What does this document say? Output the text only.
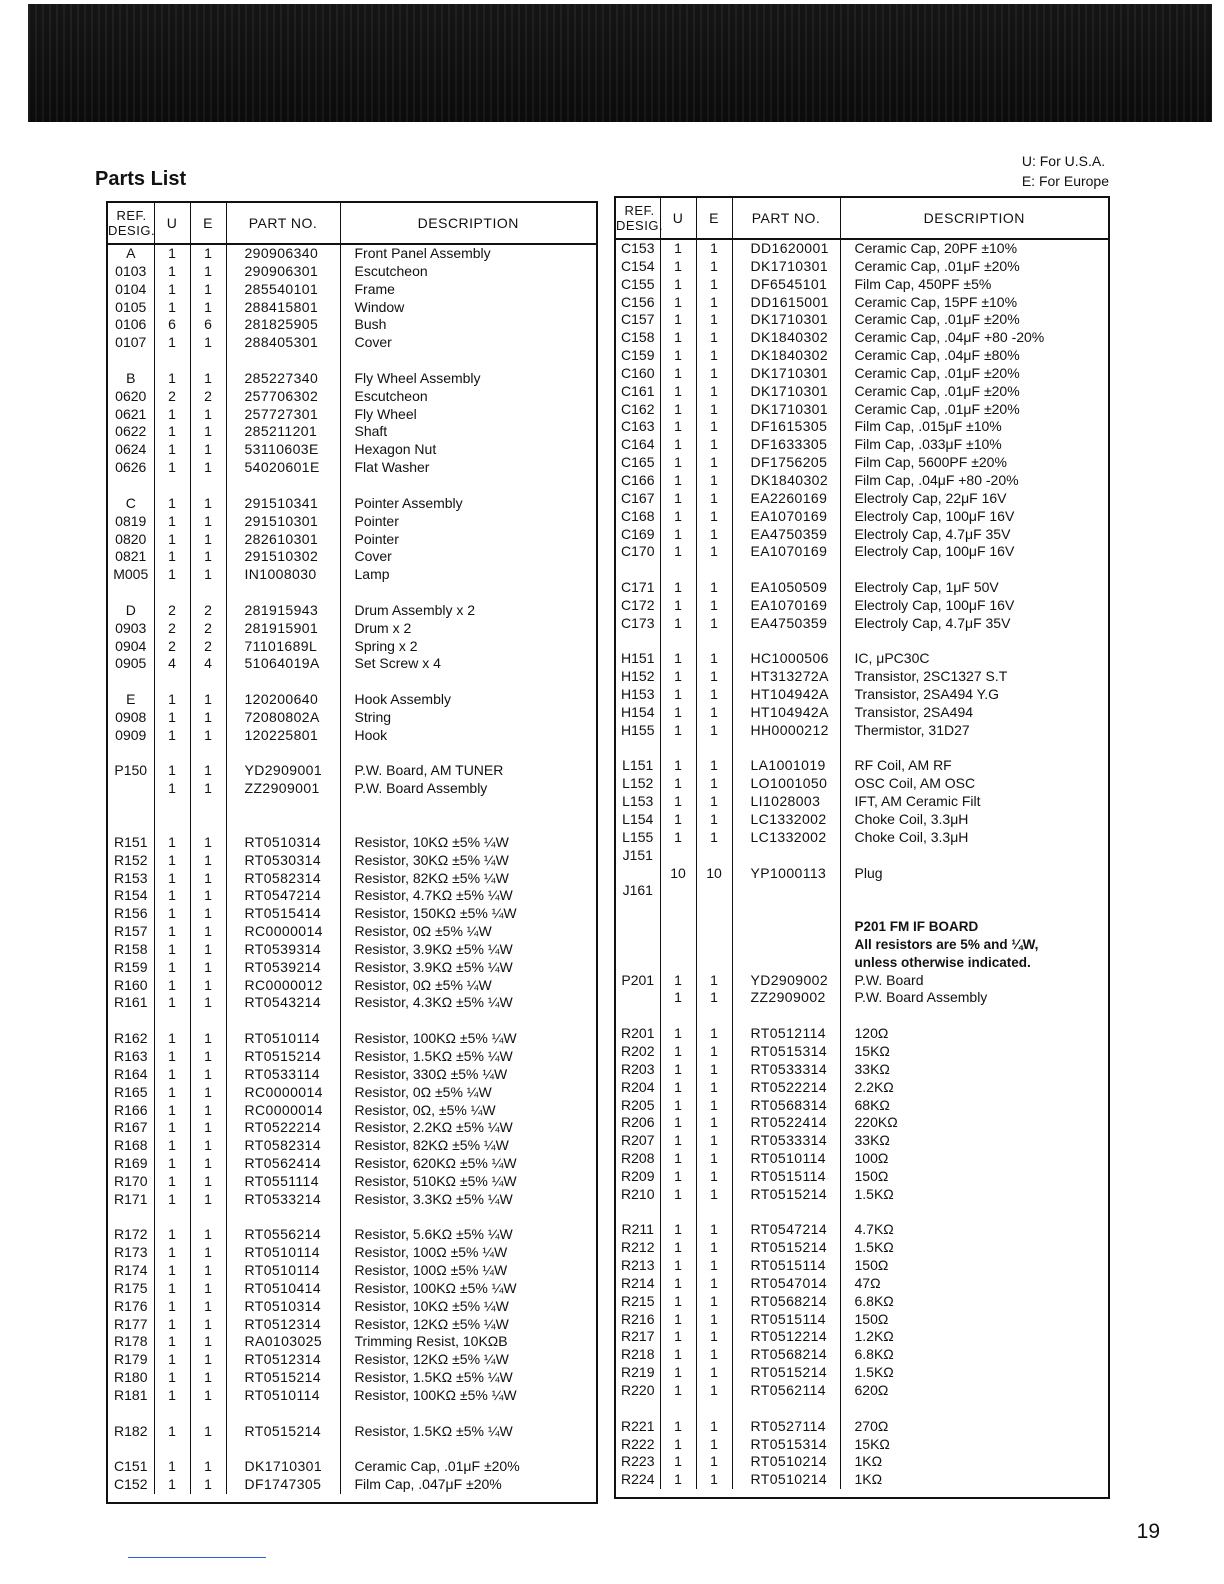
Parts List
U: For U.S.A.
E: For Europe
REF. DESIG.	U	E	PART NO.	DESCRIPTION
A	1	1	290906340	Front Panel Assembly
0103	1	1	290906301	Escutcheon
0104	1	1	285540101	Frame
0105	1	1	288415801	Window
0106	6	6	281825905	Bush
0107	1	1	288405301	Cover

B	1	1	285227340	Fly Wheel Assembly
0620	2	2	257706302	Escutcheon
0621	1	1	257727301	Fly Wheel
0622	1	1	285211201	Shaft
0624	1	1	53110603E	Hexagon Nut
0626	1	1	54020601E	Flat Washer

C	1	1	291510341	Pointer Assembly
0819	1	1	291510301	Pointer
0820	1	1	282610301	Pointer
0821	1	1	291510302	Cover
M005	1	1	IN1008030	Lamp

D	2	2	281915943	Drum Assembly x 2
0903	2	2	281915901	Drum x 2
0904	2	2	71101689L	Spring x 2
0905	4	4	51064019A	Set Screw x 4

E	1	1	120200640	Hook Assembly
0908	1	1	72080802A	String
0909	1	1	120225801	Hook

P150	1	1	YD2909001	P.W. Board, AM TUNER
	1	1	ZZ2909001	P.W. Board Assembly

R151	1	1	RT0510314	Resistor, 10KΩ ±5% ¼W
R152	1	1	RT0530314	Resistor, 30KΩ ±5% ¼W
R153	1	1	RT0582314	Resistor, 82KΩ ±5% ¼W
R154	1	1	RT0547214	Resistor, 4.7KΩ ±5% ¼W
R156	1	1	RT0515414	Resistor, 150KΩ ±5% ¼W
R157	1	1	RC0000014	Resistor, 0Ω ±5% ¼W
R158	1	1	RT0539314	Resistor, 3.9KΩ ±5% ¼W
R159	1	1	RT0539214	Resistor, 3.9KΩ ±5% ¼W
R160	1	1	RC0000012	Resistor, 0Ω ±5% ¼W
R161	1	1	RT0543214	Resistor, 4.3KΩ ±5% ¼W

R162	1	1	RT0510114	Resistor, 100KΩ ±5% ¼W
R163	1	1	RT0515214	Resistor, 1.5KΩ ±5% ¼W
R164	1	1	RT0533114	Resistor, 330Ω ±5% ¼W
R165	1	1	RC0000014	Resistor, 0Ω ±5% ¼W
R166	1	1	RC0000014	Resistor, 0Ω, ±5% ¼W
R167	1	1	RT0522214	Resistor, 2.2KΩ ±5% ¼W
R168	1	1	RT0582314	Resistor, 82KΩ ±5% ¼W
R169	1	1	RT0562414	Resistor, 620KΩ ±5% ¼W
R170	1	1	RT0551114	Resistor, 510KΩ ±5% ¼W
R171	1	1	RT0533214	Resistor, 3.3KΩ ±5% ¼W

R172	1	1	RT0556214	Resistor, 5.6KΩ ±5% ¼W
R173	1	1	RT0510114	Resistor, 100Ω ±5% ¼W
R174	1	1	RT0510114	Resistor, 100Ω ±5% ¼W
R175	1	1	RT0510414	Resistor, 100KΩ ±5% ¼W
R176	1	1	RT0510314	Resistor, 10KΩ ±5% ¼W
R177	1	1	RT0512314	Resistor, 12KΩ ±5% ¼W
R178	1	1	RA0103025	Trimming Resist, 10KΩB
R179	1	1	RT0512314	Resistor, 12KΩ ±5% ¼W
R180	1	1	RT0515214	Resistor, 1.5KΩ ±5% ¼W
R181	1	1	RT0510114	Resistor, 100KΩ ±5% ¼W

R182	1	1	RT0515214	Resistor, 1.5KΩ ±5% ¼W

C151	1	1	DK1710301	Ceramic Cap, .01μF ±20%
C152	1	1	DF1747305	Film Cap, .047μF ±20%
REF. DESIG.	U	E	PART NO.	DESCRIPTION
C153	1	1	DD1620001	Ceramic Cap, 20PF ±10%
C154	1	1	DK1710301	Ceramic Cap, .01μF ±20%
C155	1	1	DF6545101	Film Cap, 450PF ±5%
C156	1	1	DD1615001	Ceramic Cap, 15PF ±10%
C157	1	1	DK1710301	Ceramic Cap, .01μF ±20%
C158	1	1	DK1840302	Ceramic Cap, .04μF +80 -20%
C159	1	1	DK1840302	Ceramic Cap, .04μF ±80%
C160	1	1	DK1710301	Ceramic Cap, .01μF ±20%
C161	1	1	DK1710301	Ceramic Cap, .01μF ±20%
C162	1	1	DK1710301	Ceramic Cap, .01μF ±20%
C163	1	1	DF1615305	Film Cap, .015μF ±10%
C164	1	1	DF1633305	Film Cap, .033μF ±10%
C165	1	1	DF1756205	Film Cap, 5600PF ±20%
C166	1	1	DK1840302	Film Cap, .04μF +80 -20%
C167	1	1	EA2260169	Electroly Cap, 22μF 16V
C168	1	1	EA1070169	Electroly Cap, 100μF 16V
C169	1	1	EA4750359	Electroly Cap, 4.7μF 35V
C170	1	1	EA1070169	Electroly Cap, 100μF 16V

C171	1	1	EA1050509	Electroly Cap, 1μF 50V
C172	1	1	EA1070169	Electroly Cap, 100μF 16V
C173	1	1	EA4750359	Electroly Cap, 4.7μF 35V

H151	1	1	HC1000506	IC, μPC30C
H152	1	1	HT313272A	Transistor, 2SC1327 S.T
H153	1	1	HT104942A	Transistor, 2SA494 Y.G
H154	1	1	HT104942A	Transistor, 2SA494
H155	1	1	HH0000212	Thermistor, 31D27

L151	1	1	LA1001019	RF Coil, AM RF
L152	1	1	LO1001050	OSC Coil, AM OSC
L153	1	1	LI1028003	IFT, AM Ceramic Filt
L154	1	1	LC1332002	Choke Coil, 3.3μH
L155	1	1	LC1332002	Choke Coil, 3.3μH
J151				
	10	10	YP1000113	Plug
J161				

				P201 FM IF BOARD
				All resistors are 5% and ¼W,
				unless otherwise indicated.
P201	1	1	YD2909002	P.W. Board
	1	1	ZZ2909002	P.W. Board Assembly

R201	1	1	RT0512114	120Ω
R202	1	1	RT0515314	15KΩ
R203	1	1	RT0533314	33KΩ
R204	1	1	RT0522214	2.2KΩ
R205	1	1	RT0568314	68KΩ
R206	1	1	RT0522414	220KΩ
R207	1	1	RT0533314	33KΩ
R208	1	1	RT0510114	100Ω
R209	1	1	RT0515114	150Ω
R210	1	1	RT0515214	1.5KΩ

R211	1	1	RT0547214	4.7KΩ
R212	1	1	RT0515214	1.5KΩ
R213	1	1	RT0515114	150Ω
R214	1	1	RT0547014	47Ω
R215	1	1	RT0568214	6.8KΩ
R216	1	1	RT0515114	150Ω
R217	1	1	RT0512214	1.2KΩ
R218	1	1	RT0568214	6.8KΩ
R219	1	1	RT0515214	1.5KΩ
R220	1	1	RT0562114	620Ω

R221	1	1	RT0527114	270Ω
R222	1	1	RT0515314	15KΩ
R223	1	1	RT0510214	1KΩ
R224	1	1	RT0510214	1KΩ
19
